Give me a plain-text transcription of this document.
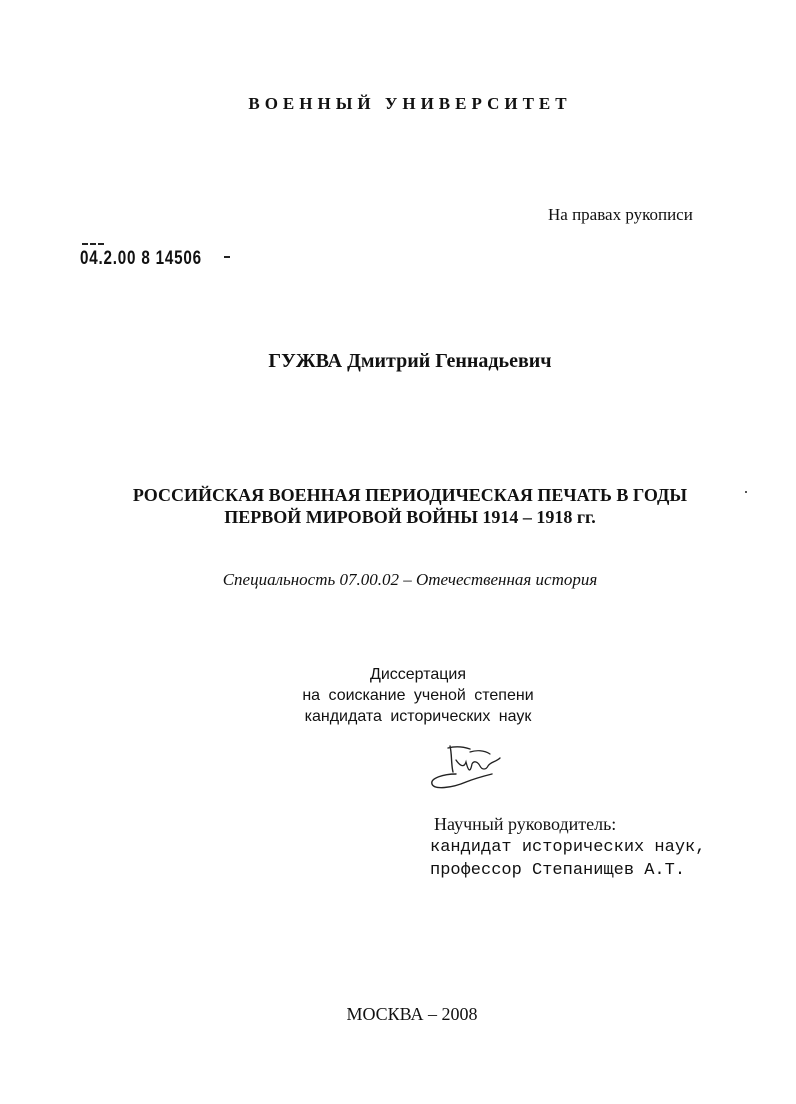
ВОЕННЫЙ УНИВЕРСИТЕТ
На правах рукописи
04.2.00 8 14506
ГУЖВА Дмитрий Геннадьевич
РОССИЙСКАЯ ВОЕННАЯ ПЕРИОДИЧЕСКАЯ ПЕЧАТЬ В ГОДЫ
ПЕРВОЙ МИРОВОЙ ВОЙНЫ 1914 – 1918 гг.
Специальность 07.00.02 – Отечественная история
Диссертация
на соискание ученой степени
кандидата исторических наук
Научный руководитель:
кандидат исторических наук,
профессор Степанищев А.Т.
МОСКВА – 2008
